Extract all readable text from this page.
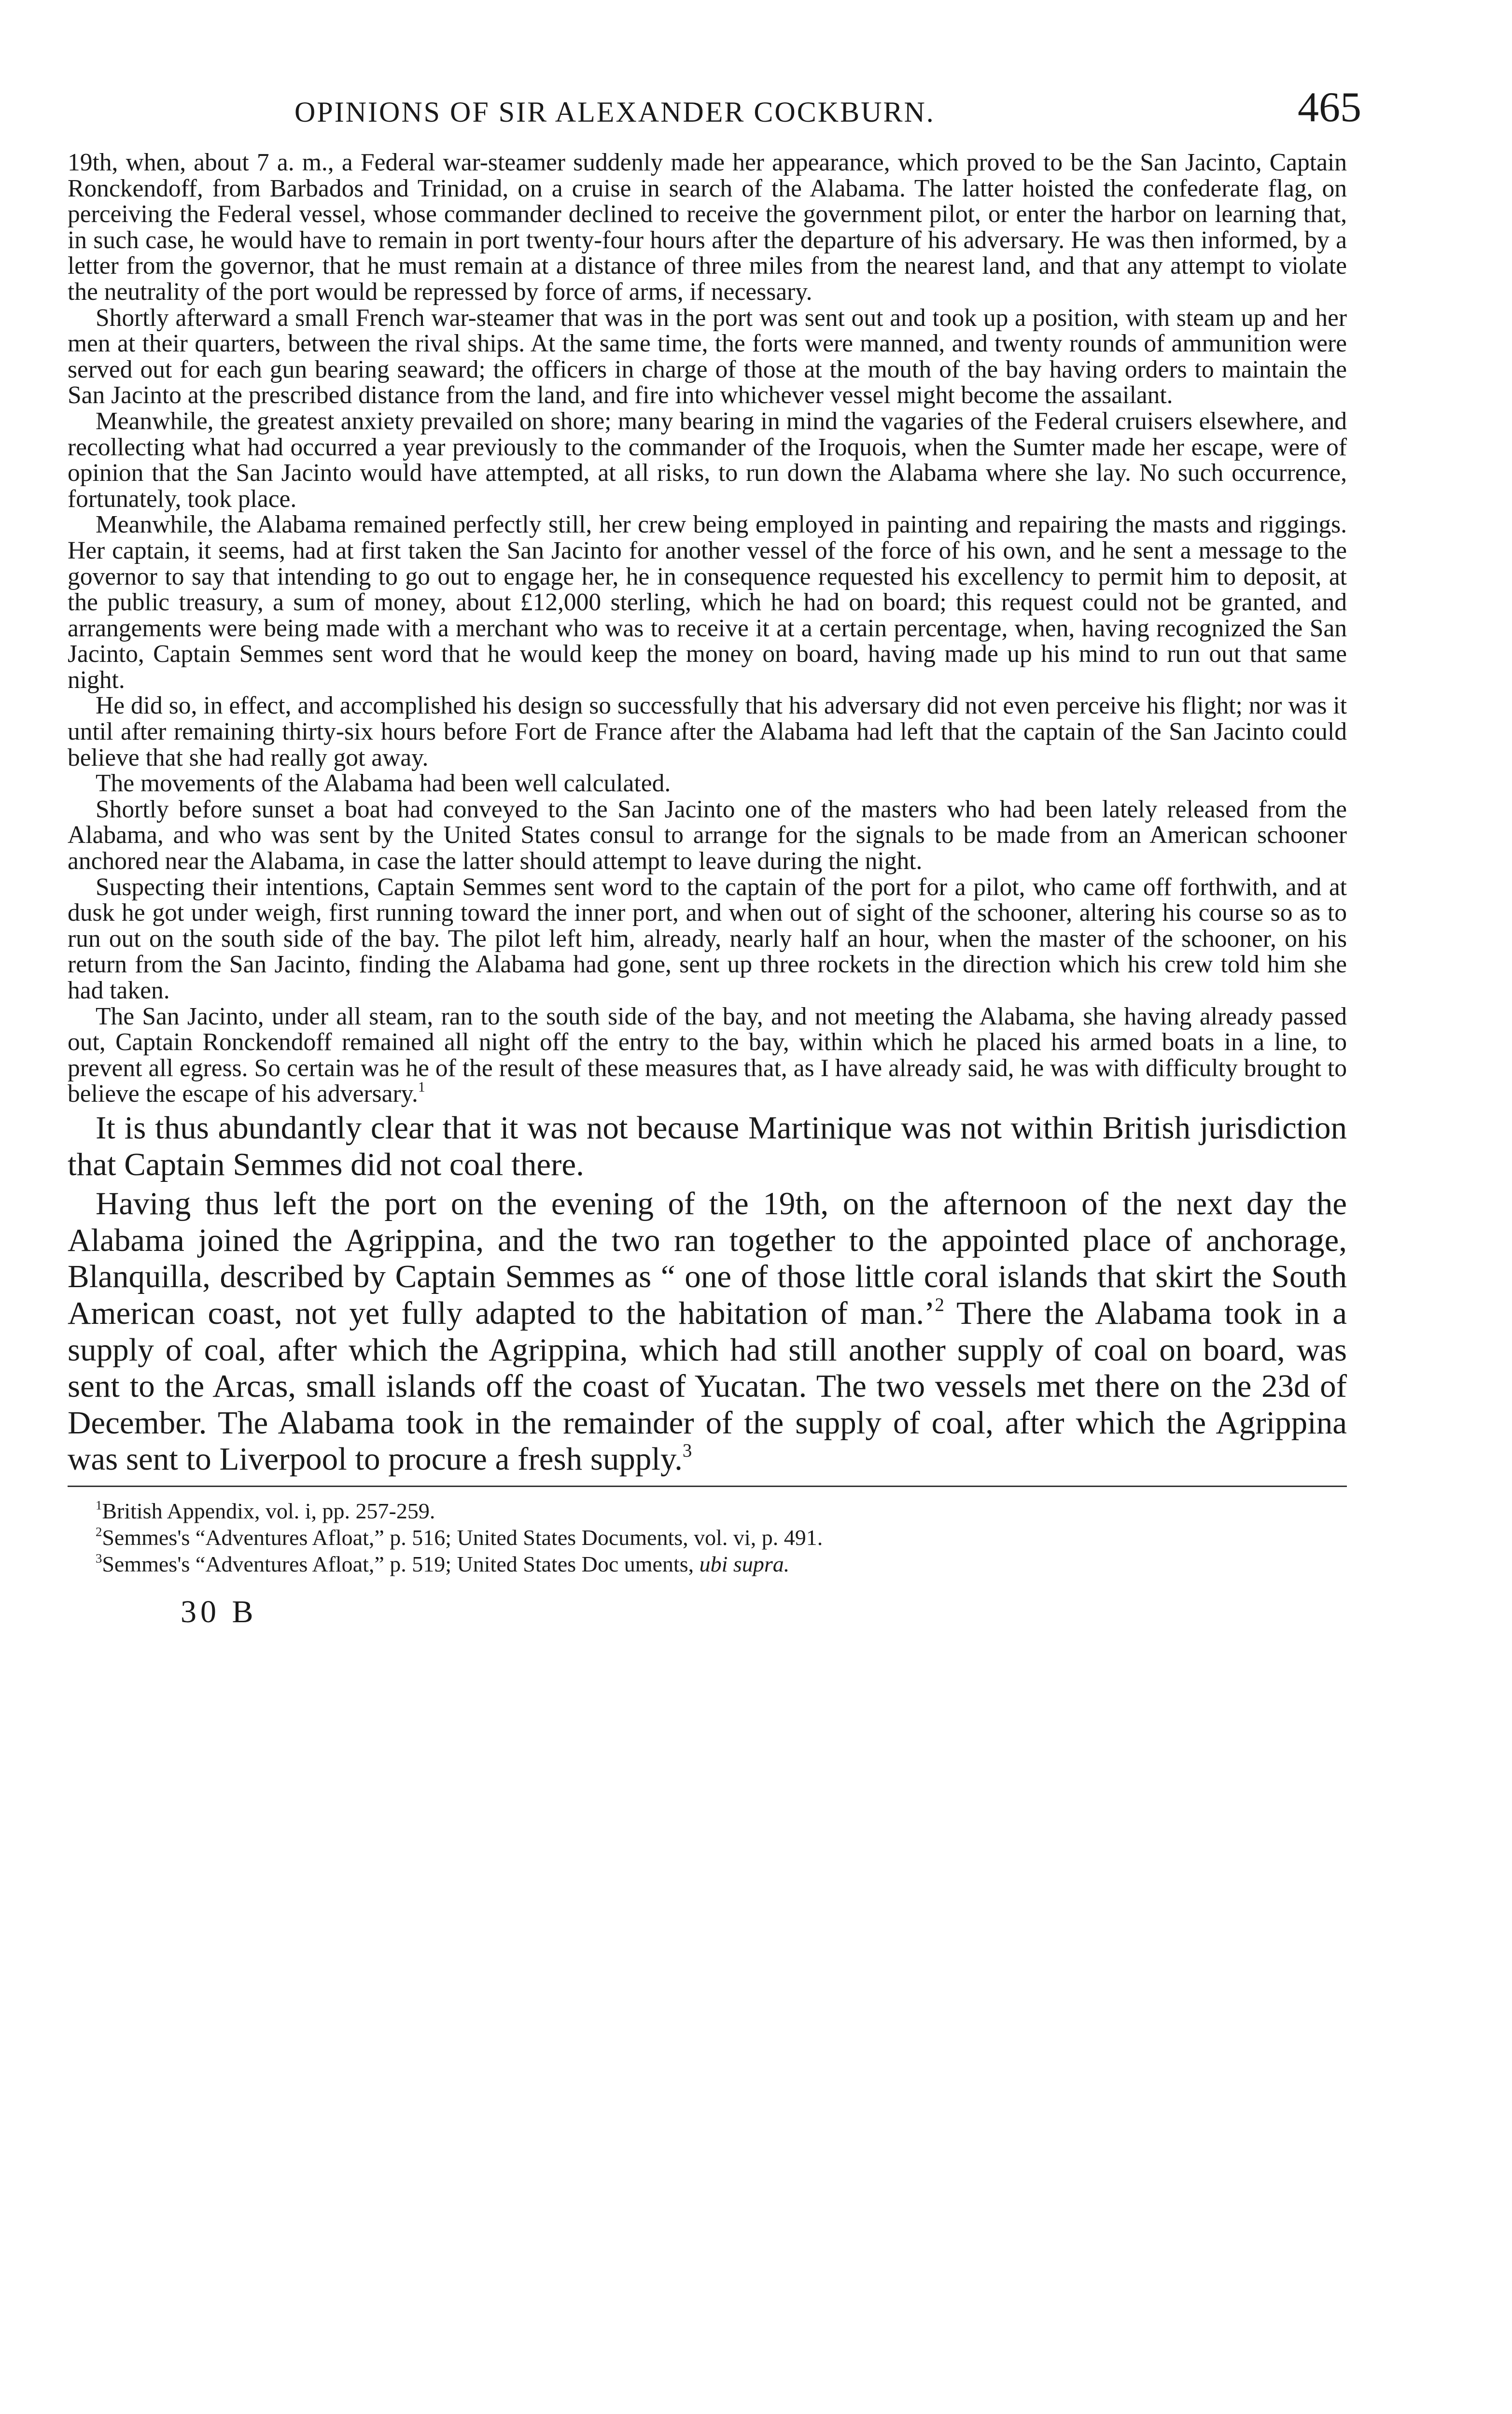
OPINIONS OF SIR ALEXANDER COCKBURN.	465

19th, when, about 7 a. m., a Federal war-steamer suddenly made her appearance, which proved to be the San Jacinto, Captain Ronckendoff, from Barbados and Trinidad, on a cruise in search of the Alabama. The latter hoisted the confederate flag, on perceiving the Federal vessel, whose commander declined to receive the government pilot, or enter the harbor on learning that, in such case, he would have to remain in port twenty-four hours after the departure of his adversary. He was then informed, by a letter from the governor, that he must remain at a distance of three miles from the nearest land, and that any attempt to violate the neutrality of the port would be repressed by force of arms, if necessary.

Shortly afterward a small French war-steamer that was in the port was sent out and took up a position, with steam up and her men at their quarters, between the rival ships. At the same time, the forts were manned, and twenty rounds of ammunition were served out for each gun bearing seaward; the officers in charge of those at the mouth of the bay having orders to maintain the San Jacinto at the prescribed distance from the land, and fire into whichever vessel might become the assailant.

Meanwhile, the greatest anxiety prevailed on shore; many bearing in mind the vagaries of the Federal cruisers elsewhere, and recollecting what had occurred a year previously to the commander of the Iroquois, when the Sumter made her escape, were of opinion that the San Jacinto would have attempted, at all risks, to run down the Alabama where she lay. No such occurrence, fortunately, took place.

Meanwhile, the Alabama remained perfectly still, her crew being employed in painting and repairing the masts and riggings. Her captain, it seems, had at first taken the San Jacinto for another vessel of the force of his own, and he sent a message to the governor to say that intending to go out to engage her, he in consequence requested his excellency to permit him to deposit, at the public treasury, a sum of money, about £12,000 sterling, which he had on board; this request could not be granted, and arrangements were being made with a merchant who was to receive it at a certain percentage, when, having recognized the San Jacinto, Captain Semmes sent word that he would keep the money on board, having made up his mind to run out that same night.

He did so, in effect, and accomplished his design so successfully that his adversary did not even perceive his flight; nor was it until after remaining thirty-six hours before Fort de France after the Alabama had left that the captain of the San Jacinto could believe that she had really got away.

The movements of the Alabama had been well calculated.

Shortly before sunset a boat had conveyed to the San Jacinto one of the masters who had been lately released from the Alabama, and who was sent by the United States consul to arrange for the signals to be made from an American schooner anchored near the Alabama, in case the latter should attempt to leave during the night.

Suspecting their intentions, Captain Semmes sent word to the captain of the port for a pilot, who came off forthwith, and at dusk he got under weigh, first running toward the inner port, and when out of sight of the schooner, altering his course so as to run out on the south side of the bay. The pilot left him, already, nearly half an hour, when the master of the schooner, on his return from the San Jacinto, finding the Alabama had gone, sent up three rockets in the direction which his crew told him she had taken.

The San Jacinto, under all steam, ran to the south side of the bay, and not meeting the Alabama, she having already passed out, Captain Ronckendoff remained all night off the entry to the bay, within which he placed his armed boats in a line, to prevent all egress. So certain was he of the result of these measures that, as I have already said, he was with difficulty brought to believe the escape of his adversary.$^1$

It is thus abundantly clear that it was not because Martinique was not within British jurisdiction that Captain Semmes did not coal there.

Having thus left the port on the evening of the 19th, on the afternoon of the next day the Alabama joined the Agrippina, and the two ran together to the appointed place of anchorage, Blanquilla, described by Captain Semmes as “ one of those little coral islands that skirt the South American coast, not yet fully adapted to the habitation of man.’$^2$ There the Alabama took in a supply of coal, after which the Agrippina, which had still another supply of coal on board, was sent to the Arcas, small islands off the coast of Yucatan. The two vessels met there on the 23d of December. The Alabama took in the remainder of the supply of coal, after which the Agrippina was sent to Liverpool to procure a fresh supply.$^3$

$^1$British Appendix, vol. i, pp. 257-259.

$^2$Semmes's “Adventures Afloat,” p. 516; United States Documents, vol. vi, p. 491.

$^3$Semmes's “Adventures Afloat,” p. 519; United States Doc uments, ubi supra.

30 B
